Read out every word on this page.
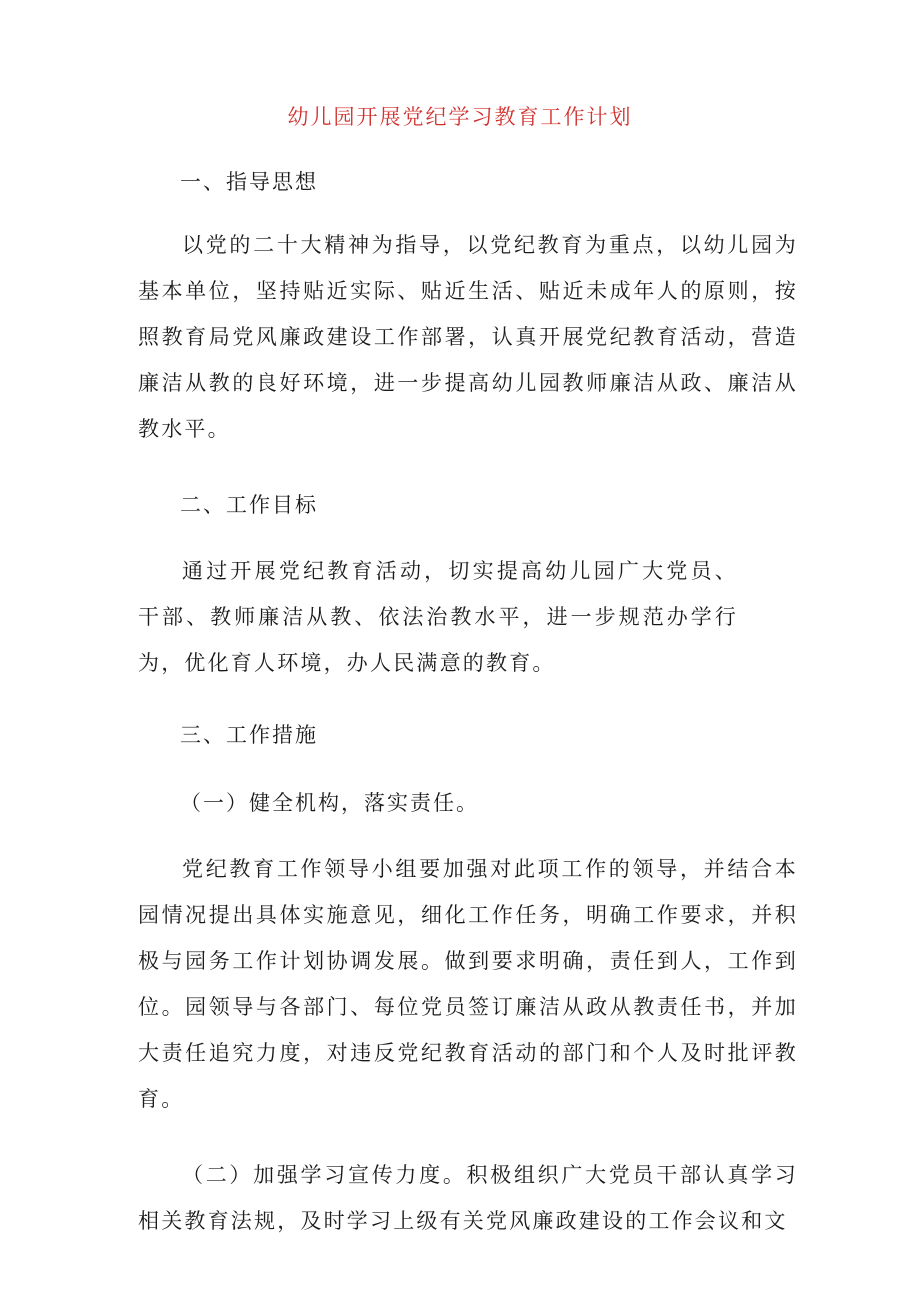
幼儿园开展党纪学习教育工作计划
一、指导思想
以党的二十大精神为指导，以党纪教育为重点，以幼儿园为基本单位，坚持贴近实际、贴近生活、贴近未成年人的原则，按照教育局党风廉政建设工作部署，认真开展党纪教育活动，营造廉洁从教的良好环境，进一步提高幼儿园教师廉洁从政、廉洁从教水平。
二、工作目标
通过开展党纪教育活动，切实提高幼儿园广大党员、干部、教师廉洁从教、依法治教水平，进一步规范办学行为，优化育人环境，办人民满意的教育。
三、工作措施
（一）健全机构，落实责任。
党纪教育工作领导小组要加强对此项工作的领导，并结合本园情况提出具体实施意见，细化工作任务，明确工作要求，并积极与园务工作计划协调发展。做到要求明确，责任到人，工作到位。园领导与各部门、每位党员签订廉洁从政从教责任书，并加大责任追究力度，对违反党纪教育活动的部门和个人及时批评教育。
（二）加强学习宣传力度。积极组织广大党员干部认真学习相关教育法规，及时学习上级有关党风廉政建设的工作会议和文
